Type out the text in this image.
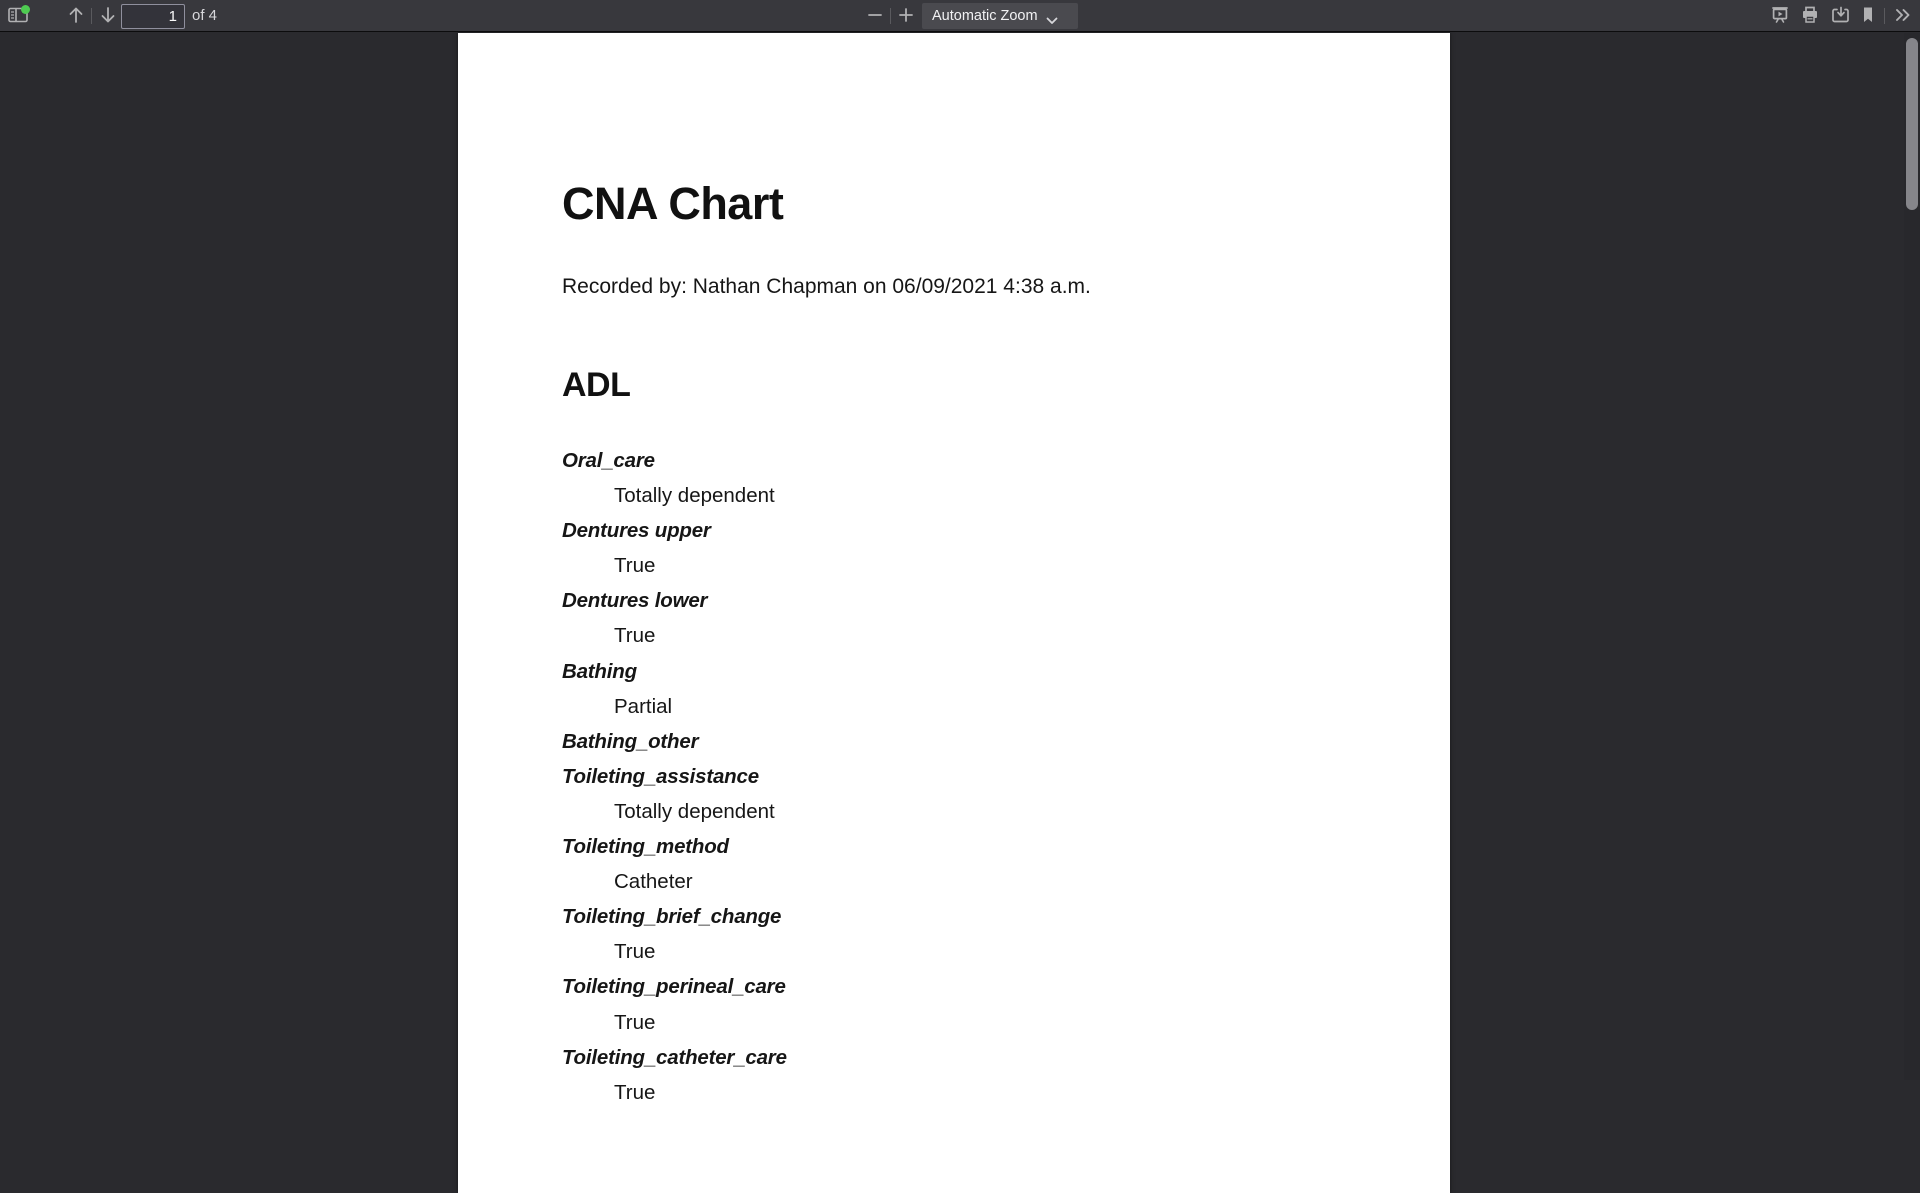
1
of 4	Automatic Zoom
CNA Chart
Recorded by: Nathan Chapman on 06/09/2021 4:38 a.m.
ADL
Oral_care
Totally dependent
Dentures upper
True
Dentures lower
True
Bathing
Partial
Bathing_other
Toileting_assistance
Totally dependent
Toileting_method
Catheter
Toileting_brief_change
True
Toileting_perineal_care
True
Toileting_catheter_care
True
